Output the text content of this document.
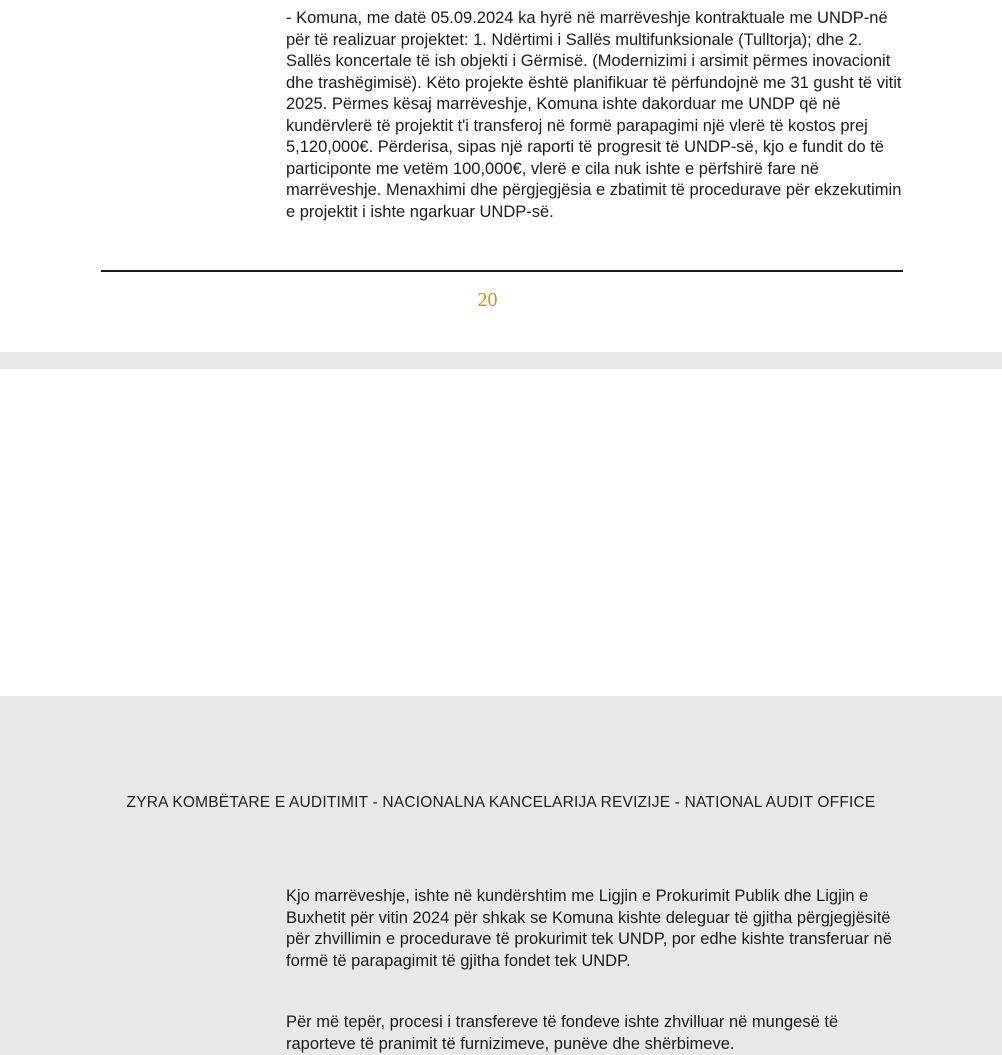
- Komuna, me datë 05.09.2024 ka hyrë në marrëveshje kontraktuale me UNDP-në për të realizuar projektet: 1. Ndërtimi i Sallës multifunksionale (Tulltorja); dhe 2. Sallës koncertale të ish objekti i Gërmisë. (Modernizimi i arsimit përmes inovacionit dhe trashëgimisë). Këto projekte është planifikuar të përfundojnë me 31 gusht të vitit 2025. Përmes kësaj marrëveshje, Komuna ishte dakorduar me UNDP që në kundërvlerë të projektit t'i transferoj në formë parapagimi një vlerë të kostos prej 5,120,000€. Përderisa, sipas një raporti të progresit të UNDP-së, kjo e fundit do të participonte me vetëm 100,000€, vlerë e cila nuk ishte e përfshirë fare në marrëveshje. Menaxhimi dhe përgjegjësia e zbatimit të procedurave për ekzekutimin e projektit i ishte ngarkuar UNDP-së.

20
ZYRA KOMBËTARE E AUDITIMIT - NACIONALNA KANCELARIJA REVIZIJE - NATIONAL AUDIT OFFICE

Kjo marrëveshje, ishte në kundërshtim me Ligjin e Prokurimit Publik dhe Ligjin e Buxhetit për vitin 2024 për shkak se Komuna kishte deleguar të gjitha përgjegjësitë për zhvillimin e procedurave të prokurimit tek UNDP, por edhe kishte transferuar në formë të parapagimit të gjitha fondet tek UNDP.

Për më tepër, procesi i transfereve të fondeve ishte zhvilluar në mungesë të raporteve të pranimit të furnizimeve, punëve dhe shërbimeve.
